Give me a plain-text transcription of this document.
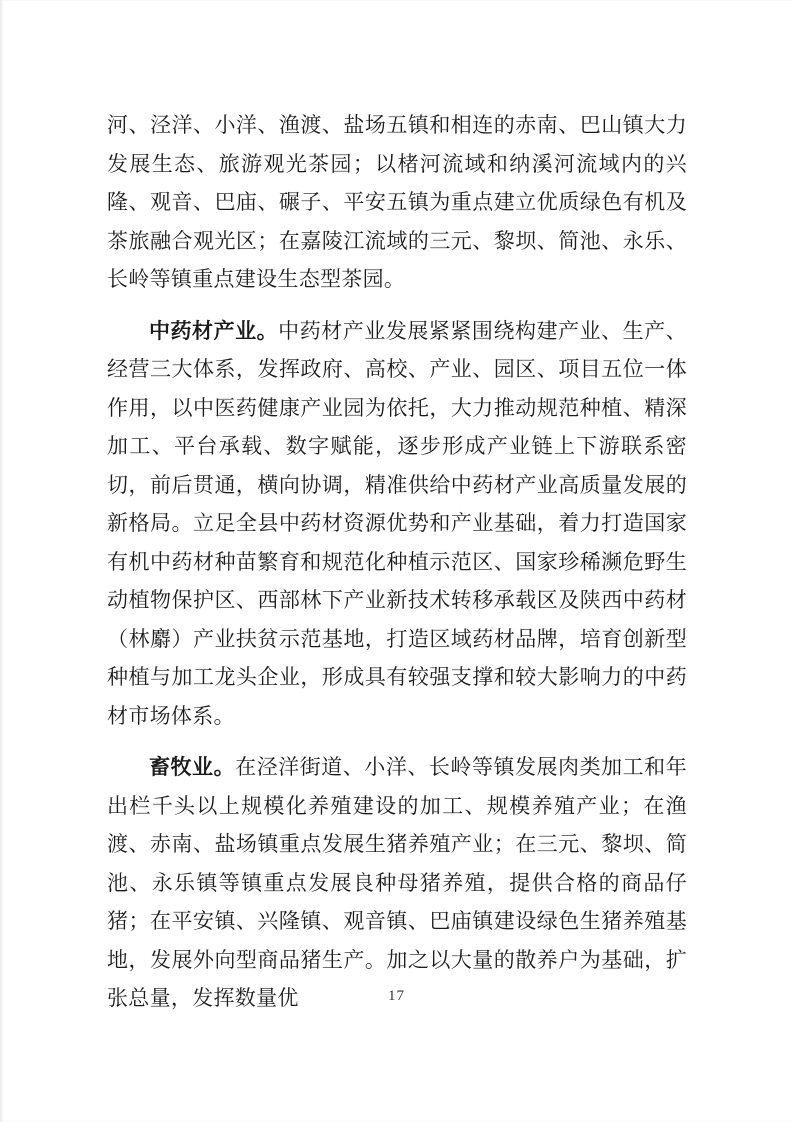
河、泾洋、小洋、渔渡、盐场五镇和相连的赤南、巴山镇大力发展生态、旅游观光茶园；以楮河流域和纳溪河流域内的兴隆、观音、巴庙、碾子、平安五镇为重点建立优质绿色有机及茶旅融合观光区；在嘉陵江流域的三元、黎坝、简池、永乐、长岭等镇重点建设生态型茶园。

中药材产业。中药材产业发展紧紧围绕构建产业、生产、经营三大体系，发挥政府、高校、产业、园区、项目五位一体作用，以中医药健康产业园为依托，大力推动规范种植、精深加工、平台承载、数字赋能，逐步形成产业链上下游联系密切，前后贯通，横向协调，精准供给中药材产业高质量发展的新格局。立足全县中药材资源优势和产业基础，着力打造国家有机中药材种苗繁育和规范化种植示范区、国家珍稀濒危野生动植物保护区、西部林下产业新技术转移承载区及陕西中药材（林麝）产业扶贫示范基地，打造区域药材品牌，培育创新型种植与加工龙头企业，形成具有较强支撑和较大影响力的中药材市场体系。

畜牧业。在泾洋街道、小洋、长岭等镇发展肉类加工和年出栏千头以上规模化养殖建设的加工、规模养殖产业；在渔渡、赤南、盐场镇重点发展生猪养殖产业；在三元、黎坝、简池、永乐镇等镇重点发展良种母猪养殖，提供合格的商品仔猪；在平安镇、兴隆镇、观音镇、巴庙镇建设绿色生猪养殖基地，发展外向型商品猪生产。加之以大量的散养户为基础，扩张总量，发挥数量优	17
